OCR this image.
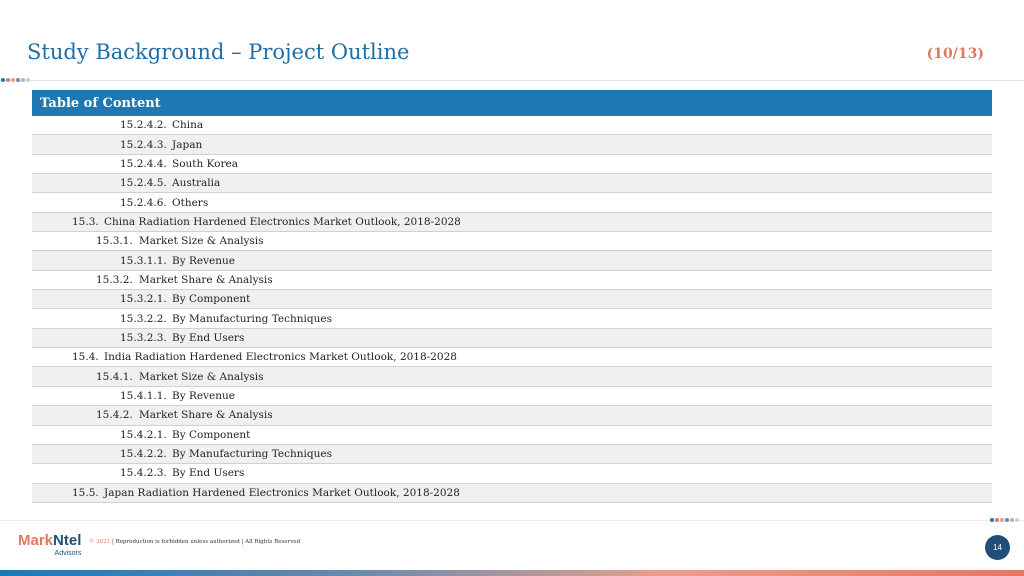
Study Background – Project Outline	(10/13)
Table of Content
15.2.4.2. China
15.2.4.3. Japan
15.2.4.4. South Korea
15.2.4.5. Australia
15.2.4.6. Others
15.3. China Radiation Hardened Electronics Market Outlook, 2018-2028
15.3.1. Market Size & Analysis
15.3.1.1. By Revenue
15.3.2. Market Share & Analysis
15.3.2.1. By Component
15.3.2.2. By Manufacturing Techniques
15.3.2.3. By End Users
15.4. India Radiation Hardened Electronics Market Outlook, 2018-2028
15.4.1. Market Size & Analysis
15.4.1.1. By Revenue
15.4.2. Market Share & Analysis
15.4.2.1. By Component
15.4.2.2. By Manufacturing Techniques
15.4.2.3. By End Users
15.5. Japan Radiation Hardened Electronics Market Outlook, 2018-2028
MarkNtel
Advisors
© 2021 | Reproduction is forbidden unless authorized | All Rights Reserved
14
